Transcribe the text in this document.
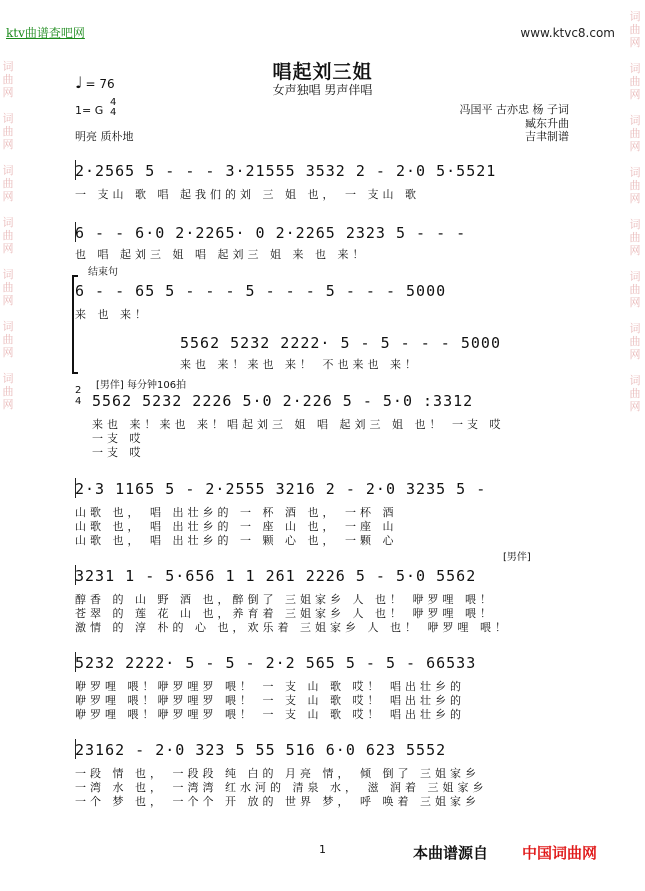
ktv曲谱查吧网	www.ktvc8.com
词曲网

词曲网

词曲网

词曲网

词曲网

词曲网

词曲网
词曲网

词曲网

词曲网

词曲网

词曲网

词曲网

词曲网

词曲网
♩ = 76
唱起刘三姐
女声独唱 男声伴唱
1= G
4
4
明亮 质朴地
冯国平 古亦忠 杨 子词
臧东升曲
吉聿制谱
2·2565 5 - - - 3·21555 3532 2 - 2·0 5·5521
一 支山 歌 唱 起我们的刘 三 姐 也， 一 支山 歌
6 - - 6·0 2·2265· 0 2·2265 2323 5 - - -
也 唱 起刘三 姐 唱 起刘三 姐 来 也 来！
结束句
6 - - 65 5 - - - 5 - - - 5 - - - 5000
来 也 来！
5562 5232 2222· 5 - 5 - - - 5000
来也 来！来也 来！ 不也来也 来！
[男伴] 每分钟106拍
2
4 5562 5232 2226 5·0 2·226 5 - 5·0 :3312
来也 来！来也 来！唱起刘三 姐 唱 起刘三 姐 也！ 一支 哎
一支 哎
一支 哎
2·3 1165 5 - 2·2555 3216 2 - 2·0 3235 5 -
山歌 也， 唱 出壮乡的 一 杯 酒 也， 一杯 酒
山歌 也， 唱 出壮乡的 一 座 山 也， 一座 山
山歌 也， 唱 出壮乡的 一 颗 心 也， 一颗 心
[男伴]
3231 1 - 5·656 1 1 261 2226 5 - 5·0 5562
醇香 的 山 野 酒 也，醉倒了 三姐家乡 人 也！ 咿罗哩 喂！
苍翠 的 莲 花 山 也，养育着 三姐家乡 人 也！ 咿罗哩 喂！
激情 的 淳 朴的 心 也，欢乐着 三姐家乡 人 也！ 咿罗哩 喂！
5232 2222· 5 - 5 - 2·2 565 5 - 5 - 66533
咿罗哩 喂！咿罗哩罗 喂！ 一 支 山 歌 哎！ 唱出壮乡的
咿罗哩 喂！咿罗哩罗 喂！ 一 支 山 歌 哎！ 唱出壮乡的
咿罗哩 喂！咿罗哩罗 喂！ 一 支 山 歌 哎！ 唱出壮乡的
23162 - 2·0 323 5 55 516 6·0 623 5552
一段 情 也， 一段段 纯 白的 月亮 情， 倾 倒了 三姐家乡
一湾 水 也， 一湾湾 红水河的 清泉 水， 滋 润着 三姐家乡
一个 梦 也， 一个个 开 放的 世界 梦， 呼 唤着 三姐家乡
1	本曲谱源自 中国词曲网
